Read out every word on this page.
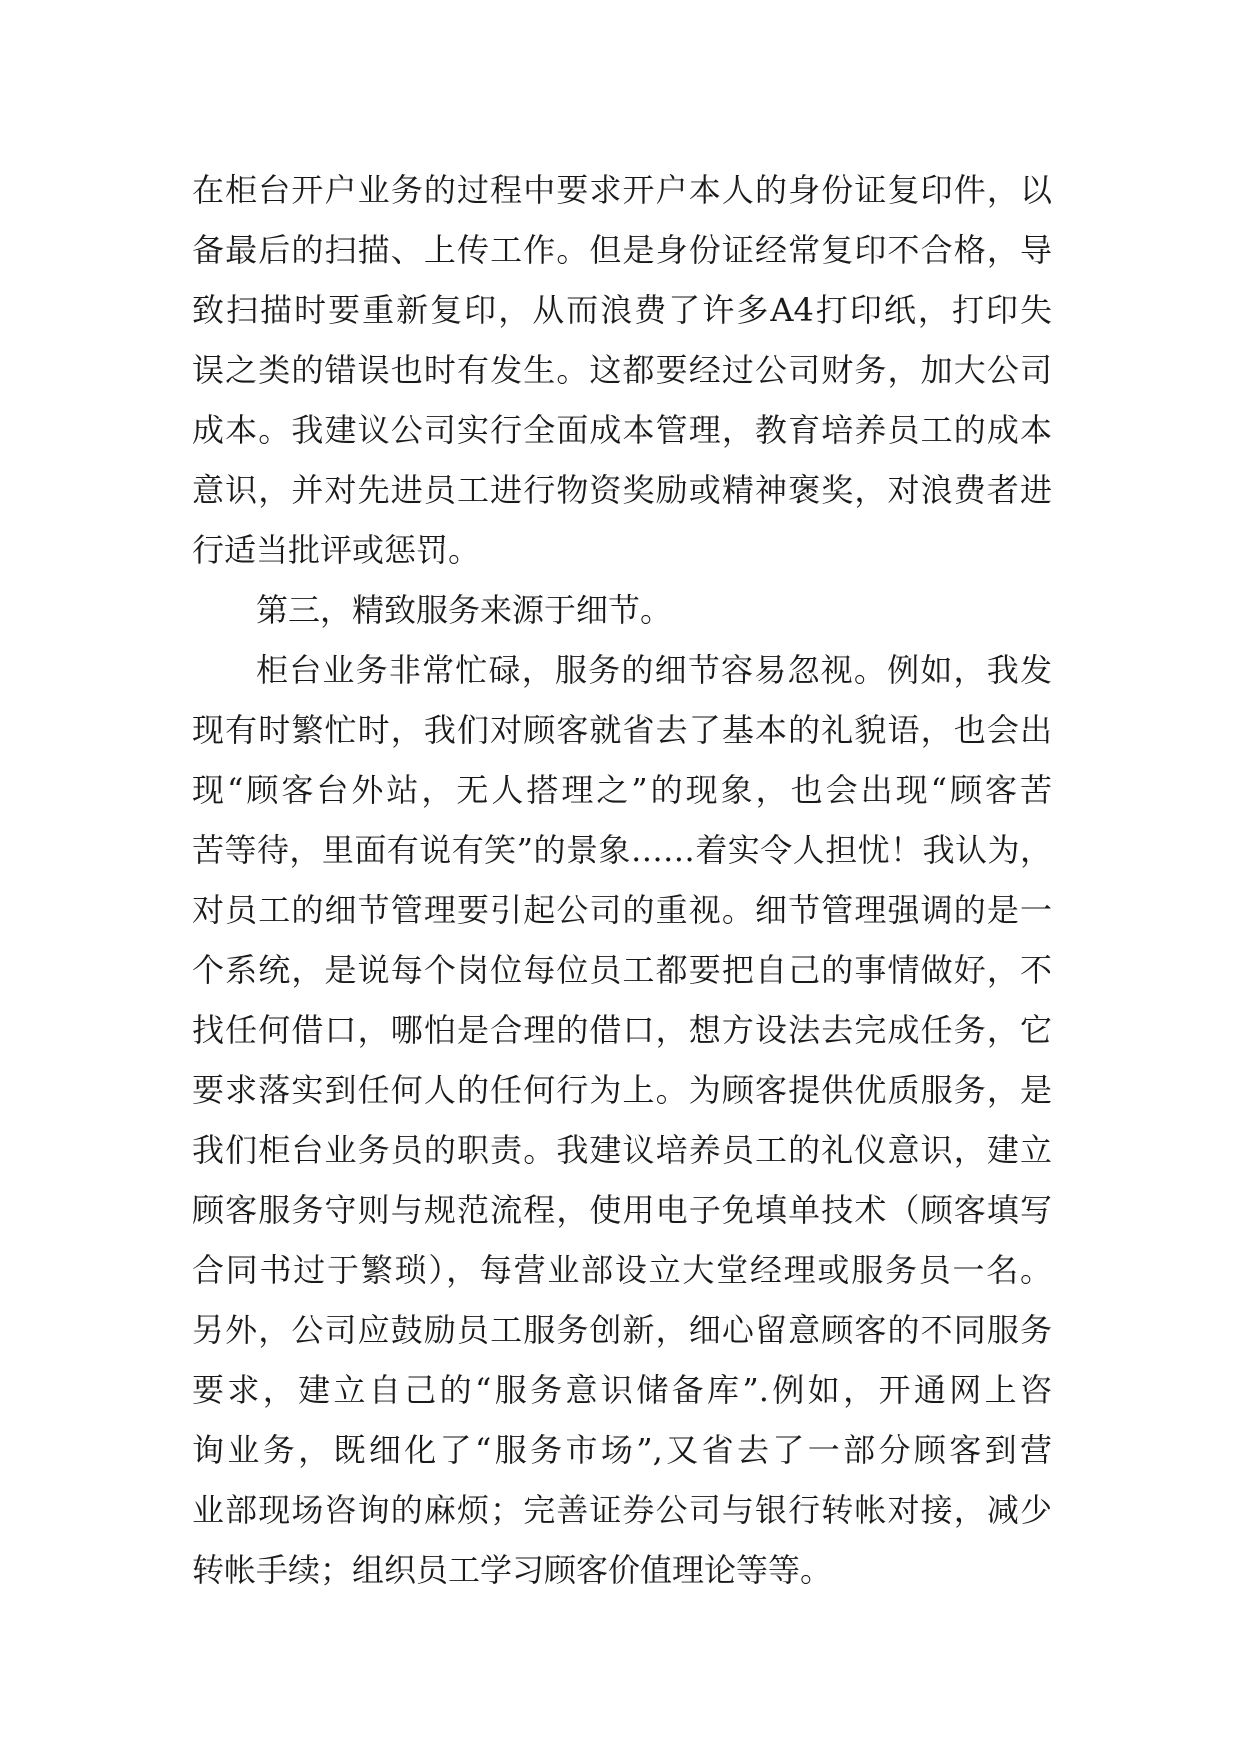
在柜台开户业务的过程中要求开户本人的身份证复印件，以
备最后的扫描、上传工作。但是身份证经常复印不合格，导
致扫描时要重新复印，从而浪费了许多A4打印纸，打印失
误之类的错误也时有发生。这都要经过公司财务，加大公司
成本。我建议公司实行全面成本管理，教育培养员工的成本
意识，并对先进员工进行物资奖励或精神褒奖，对浪费者进
行适当批评或惩罚。
第三，精致服务来源于细节。
柜台业务非常忙碌，服务的细节容易忽视。例如，我发
现有时繁忙时，我们对顾客就省去了基本的礼貌语，也会出
现“顾客台外站，无人搭理之”的现象，也会出现“顾客苦
苦等待，里面有说有笑”的景象……着实令人担忧！我认为，
对员工的细节管理要引起公司的重视。细节管理强调的是一
个系统，是说每个岗位每位员工都要把自己的事情做好，不
找任何借口，哪怕是合理的借口，想方设法去完成任务，它
要求落实到任何人的任何行为上。为顾客提供优质服务，是
我们柜台业务员的职责。我建议培养员工的礼仪意识，建立
顾客服务守则与规范流程，使用电子免填单技术（顾客填写
合同书过于繁琐），每营业部设立大堂经理或服务员一名。
另外，公司应鼓励员工服务创新，细心留意顾客的不同服务
要求，建立自己的“服务意识储备库”.例如，开通网上咨
询业务，既细化了“服务市场”,又省去了一部分顾客到营
业部现场咨询的麻烦；完善证券公司与银行转帐对接，减少
转帐手续；组织员工学习顾客价值理论等等。
